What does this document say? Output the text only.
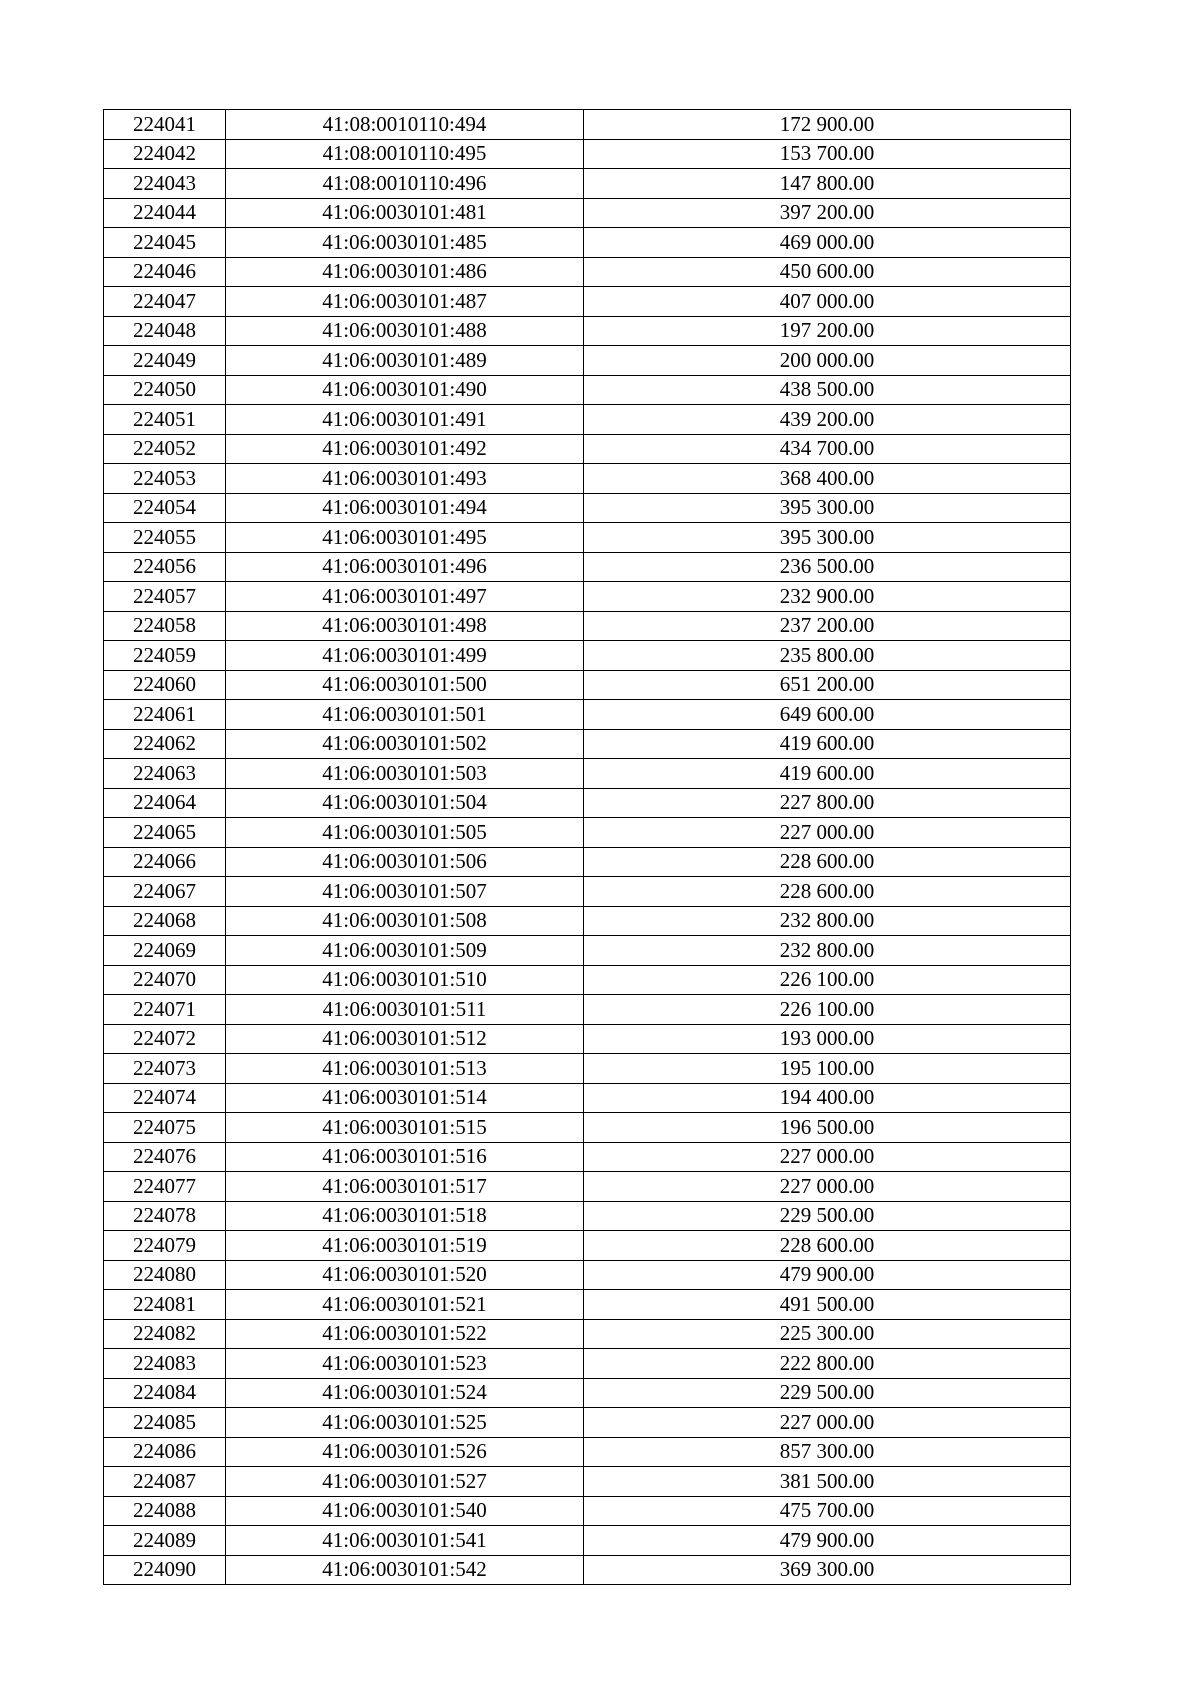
224041	41:08:0010110:494	172 900.00
224042	41:08:0010110:495	153 700.00
224043	41:08:0010110:496	147 800.00
224044	41:06:0030101:481	397 200.00
224045	41:06:0030101:485	469 000.00
224046	41:06:0030101:486	450 600.00
224047	41:06:0030101:487	407 000.00
224048	41:06:0030101:488	197 200.00
224049	41:06:0030101:489	200 000.00
224050	41:06:0030101:490	438 500.00
224051	41:06:0030101:491	439 200.00
224052	41:06:0030101:492	434 700.00
224053	41:06:0030101:493	368 400.00
224054	41:06:0030101:494	395 300.00
224055	41:06:0030101:495	395 300.00
224056	41:06:0030101:496	236 500.00
224057	41:06:0030101:497	232 900.00
224058	41:06:0030101:498	237 200.00
224059	41:06:0030101:499	235 800.00
224060	41:06:0030101:500	651 200.00
224061	41:06:0030101:501	649 600.00
224062	41:06:0030101:502	419 600.00
224063	41:06:0030101:503	419 600.00
224064	41:06:0030101:504	227 800.00
224065	41:06:0030101:505	227 000.00
224066	41:06:0030101:506	228 600.00
224067	41:06:0030101:507	228 600.00
224068	41:06:0030101:508	232 800.00
224069	41:06:0030101:509	232 800.00
224070	41:06:0030101:510	226 100.00
224071	41:06:0030101:511	226 100.00
224072	41:06:0030101:512	193 000.00
224073	41:06:0030101:513	195 100.00
224074	41:06:0030101:514	194 400.00
224075	41:06:0030101:515	196 500.00
224076	41:06:0030101:516	227 000.00
224077	41:06:0030101:517	227 000.00
224078	41:06:0030101:518	229 500.00
224079	41:06:0030101:519	228 600.00
224080	41:06:0030101:520	479 900.00
224081	41:06:0030101:521	491 500.00
224082	41:06:0030101:522	225 300.00
224083	41:06:0030101:523	222 800.00
224084	41:06:0030101:524	229 500.00
224085	41:06:0030101:525	227 000.00
224086	41:06:0030101:526	857 300.00
224087	41:06:0030101:527	381 500.00
224088	41:06:0030101:540	475 700.00
224089	41:06:0030101:541	479 900.00
224090	41:06:0030101:542	369 300.00
